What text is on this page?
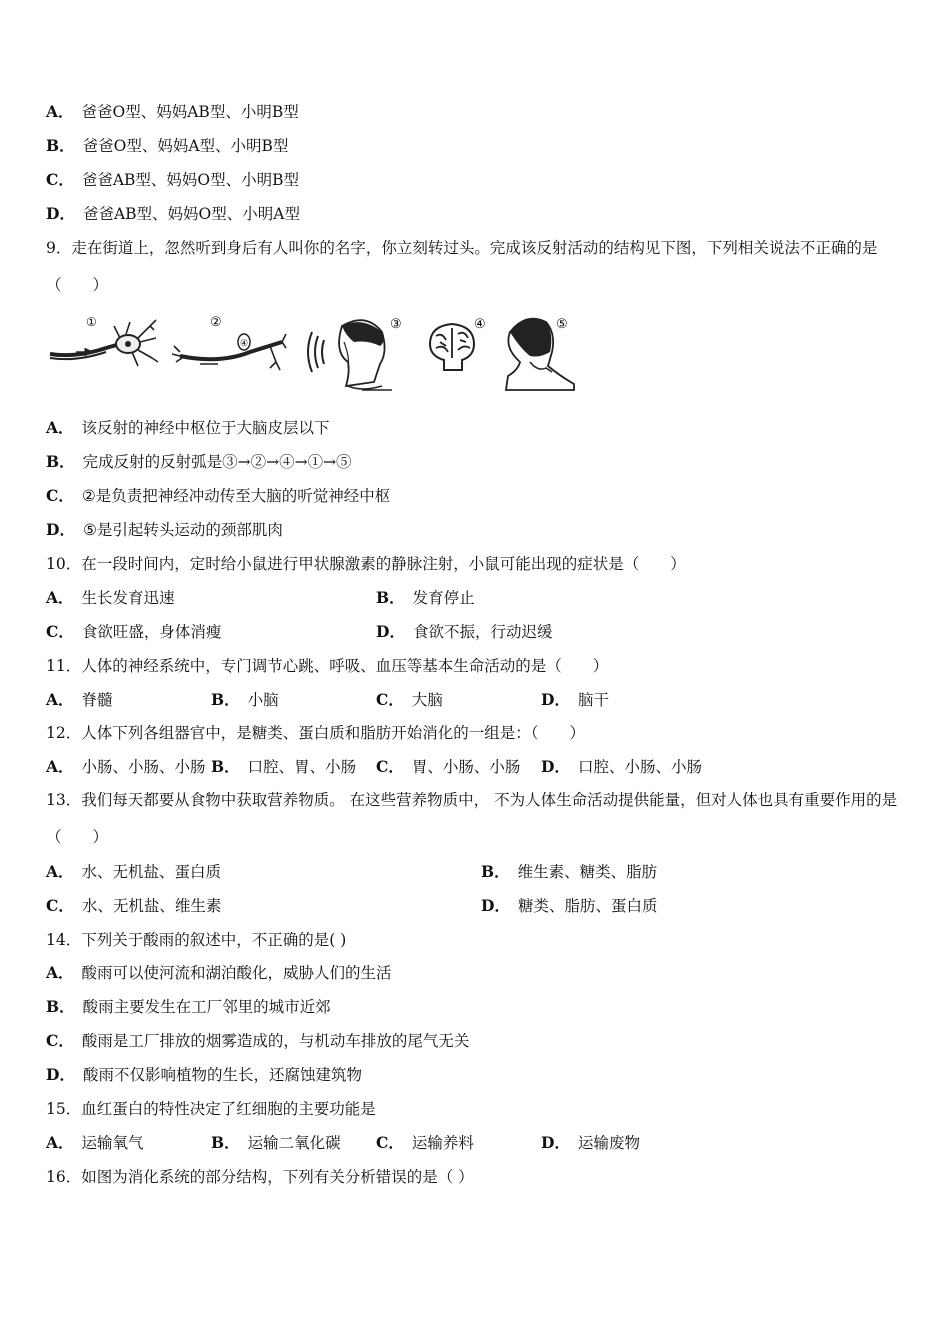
A． 爸爸O型、妈妈AB型、小明B型
B． 爸爸O型、妈妈A型、小明B型
C． 爸爸AB型、妈妈O型、小明B型
D． 爸爸AB型、妈妈O型、小明A型
9．走在街道上，忽然听到身后有人叫你的名字，你立刻转过头。完成该反射活动的结构见下图，下列相关说法不正确的是（　　）
①
④
②	③	④	⑤
A． 该反射的神经中枢位于大脑皮层以下
B． 完成反射的反射弧是③→②→④→①→⑤
C． ②是负责把神经冲动传至大脑的听觉神经中枢
D． ⑤是引起转头运动的颈部肌肉
10．在一段时间内，定时给小鼠进行甲状腺激素的静脉注射，小鼠可能出现的症状是（　　）
A． 生长发育迅速	B． 发育停止
C． 食欲旺盛，身体消瘦	D． 食欲不振，行动迟缓
11．人体的神经系统中，专门调节心跳、呼吸、血压等基本生命活动的是（　　）
A． 脊髓	B． 小脑	C． 大脑	D． 脑干
12．人体下列各组器官中，是糖类、蛋白质和脂肪开始消化的一组是：（　　）
A． 小肠、小肠、小肠 B． 口腔、胃、小肠 C． 胃、小肠、小肠 D． 口腔、小肠、小肠
13．我们每天都要从食物中获取营养物质。 在这些营养物质中， 不为人体生命活动提供能量，但对人体也具有重要作用的是（　　）
A． 水、无机盐、蛋白质	B． 维生素、糖类、脂肪
C． 水、无机盐、维生素	D． 糖类、脂肪、蛋白质
14．下列关于酸雨的叙述中，不正确的是( )
A． 酸雨可以使河流和湖泊酸化，威胁人们的生活
B． 酸雨主要发生在工厂邻里的城市近郊
C． 酸雨是工厂排放的烟雾造成的，与机动车排放的尾气无关
D． 酸雨不仅影响植物的生长，还腐蚀建筑物
15．血红蛋白的特性决定了红细胞的主要功能是
A． 运输氧气	B． 运输二氧化碳 C． 运输养料	D． 运输废物
16．如图为消化系统的部分结构，下列有关分析错误的是（ ）
